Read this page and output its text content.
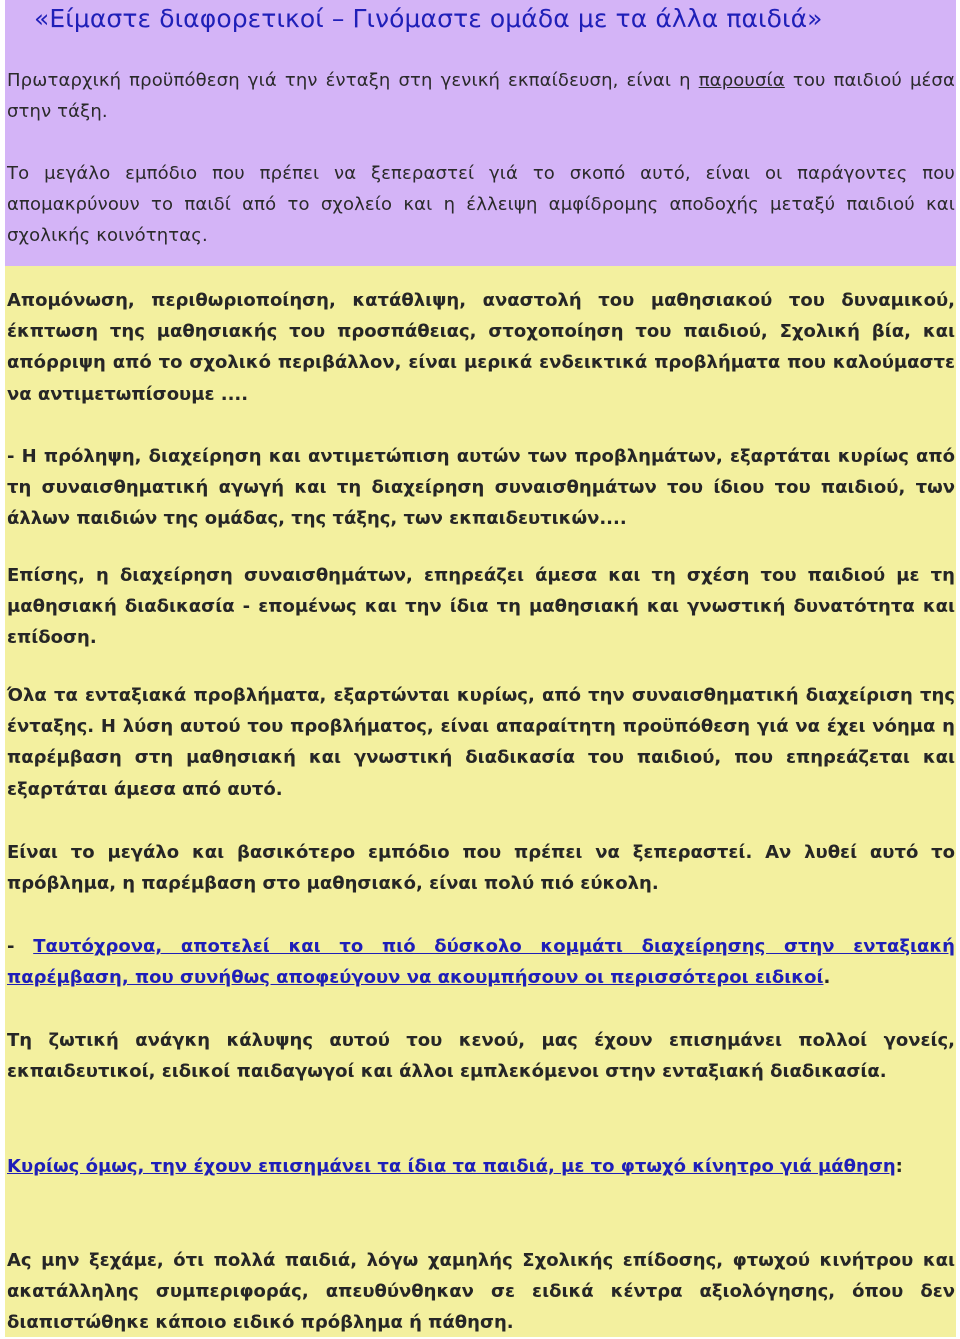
«Είμαστε διαφορετικοί – Γινόμαστε ομάδα με τα άλλα παιδιά»

Πρωταρχική προϋπόθεση γιά την ένταξη στη γενική εκπαίδευση, είναι η παρουσία του παιδιού μέσα στην τάξη.

Το μεγάλο εμπόδιο που πρέπει να ξεπεραστεί γιά το σκοπό αυτό, είναι οι παράγοντες που απομακρύνουν το παιδί από το σχολείο και η έλλειψη αμφίδρομης αποδοχής μεταξύ παιδιού και σχολικής κοινότητας.

Απομόνωση, περιθωριοποίηση, κατάθλιψη, αναστολή του μαθησιακού του δυναμικού, έκπτωση της μαθησιακής του προσπάθειας, στοχοποίηση του παιδιού, Σχολική βία, και απόρριψη από το σχολικό περιβάλλον, είναι μερικά ενδεικτικά προβλήματα που καλούμαστε να αντιμετωπίσουμε ....

- Η πρόληψη, διαχείρηση και αντιμετώπιση αυτών των προβλημάτων, εξαρτάται κυρίως από τη συναισθηματική αγωγή και τη διαχείρηση συναισθημάτων του ίδιου του παιδιού, των άλλων παιδιών της ομάδας, της τάξης, των εκπαιδευτικών....

Επίσης, η διαχείρηση συναισθημάτων, επηρεάζει άμεσα και τη σχέση του παιδιού με τη μαθησιακή διαδικασία - επομένως και την ίδια τη μαθησιακή και γνωστική δυνατότητα και επίδοση.

Όλα τα ενταξιακά προβλήματα, εξαρτώνται κυρίως, από την συναισθηματική διαχείριση της ένταξης. Η λύση αυτού του προβλήματος, είναι απαραίτητη προϋπόθεση γιά να έχει νόημα η παρέμβαση στη μαθησιακή και γνωστική διαδικασία του παιδιού, που επηρεάζεται και εξαρτάται άμεσα από αυτό.

Είναι το μεγάλο και βασικότερο εμπόδιο που πρέπει να ξεπεραστεί. Αν λυθεί αυτό το πρόβλημα, η παρέμβαση στο μαθησιακό, είναι πολύ πιό εύκολη.

- Ταυτόχρονα, αποτελεί και το πιό δύσκολο κομμάτι διαχείρησης στην ενταξιακή παρέμβαση, που συνήθως αποφεύγουν να ακουμπήσουν οι περισσότεροι ειδικοί.

Τη ζωτική ανάγκη κάλυψης αυτού του κενού, μας έχουν επισημάνει πολλοί γονείς, εκπαιδευτικοί, ειδικοί παιδαγωγοί και άλλοι εμπλεκόμενοι στην ενταξιακή διαδικασία.

Κυρίως όμως, την έχουν επισημάνει τα ίδια τα παιδιά, με το φτωχό κίνητρο γιά μάθηση:

Ας μην ξεχάμε, ότι πολλά παιδιά, λόγω χαμηλής Σχολικής επίδοσης, φτωχού κινήτρου και ακατάλληλης συμπεριφοράς, απευθύνθηκαν σε ειδικά κέντρα αξιολόγησης, όπου δεν διαπιστώθηκε κάποιο ειδικό πρόβλημα ή πάθηση.
